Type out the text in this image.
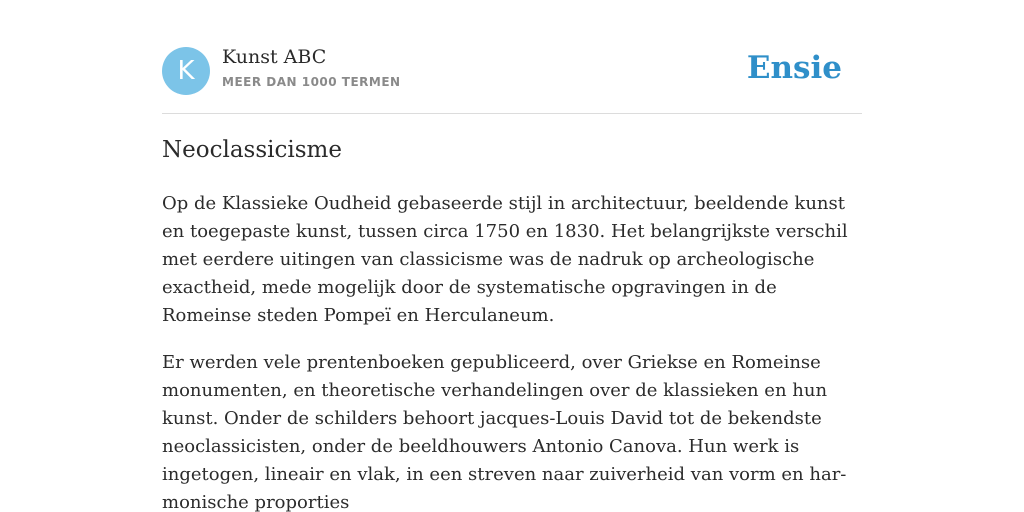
K	Kunst ABC
MEER DAN 1000 TERMEN	Ensie
Neoclassicisme

Op de Klassieke Oudheid gebaseerde stijl in architectuur, beeldende kunst en toegepaste kunst, tussen circa 1750 en 1830. Het belangrijkste verschil met eerdere uitingen van classicisme was de nadruk op archeologische exactheid, mede mogelijk door de systematische opgravingen in de Romeinse steden Pompeï en Herculaneum.

Er werden vele prentenboeken gepubliceerd, over Griekse en Romeinse monumenten, en theoretische verhandelingen over de klassieken en hun kunst. Onder de schilders behoort jacques-Louis David tot de bekendste neoclassicisten, onder de beeldhouwers Antonio Canova. Hun werk is ingetogen, lineair en vlak, in een streven naar zuiverheid van vorm en har-monische proporties
